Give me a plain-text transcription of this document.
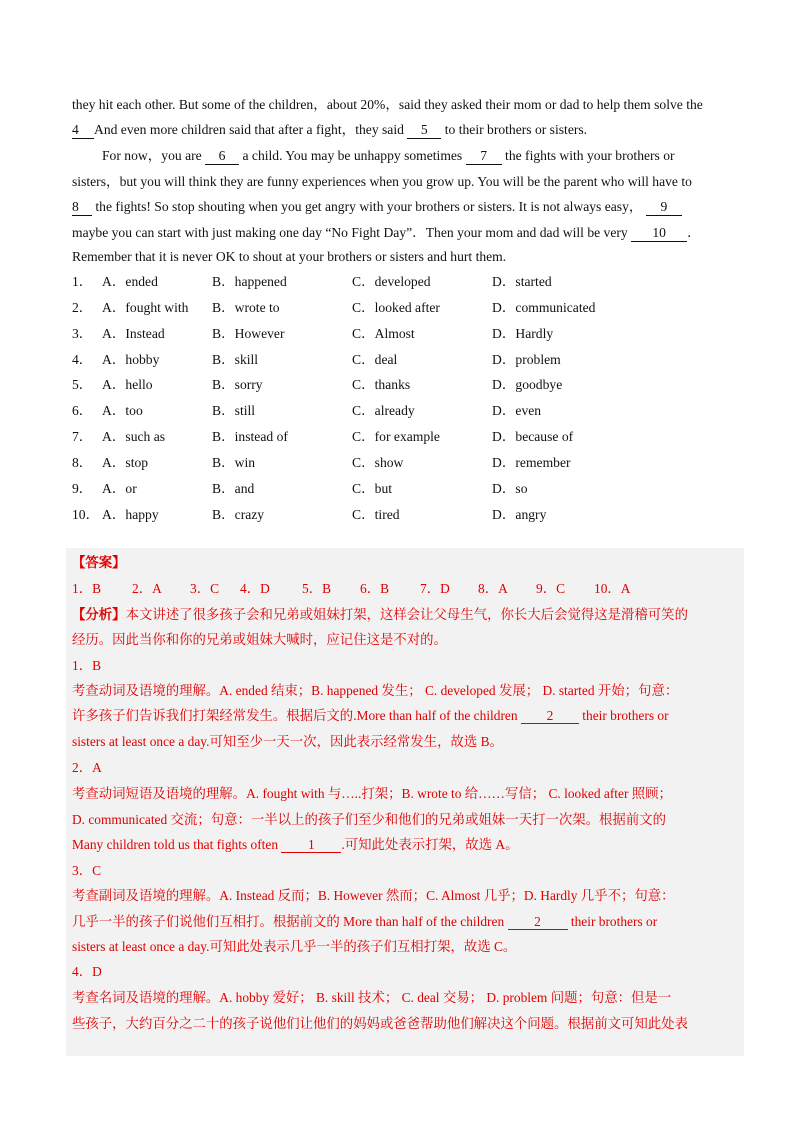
they hit each other. But some of the children，about 20%，said they asked their mom or dad to help them solve the
4 And even more children said that after a fight，they said 5 to their brothers or sisters.
For now，you are 6 a child. You may be unhappy sometimes 7 the fights with your brothers or
sisters，but you will think they are funny experiences when you grow up. You will be the parent who will have to
8 the fights! So stop shouting when you get angry with your brothers or sisters. It is not always easy， 9
maybe you can start with just making one day “No Fight Day”．Then your mom and dad will be very 10 ．
Remember that it is never OK to shout at your brothers or sisters and hurt them.
1． A．ended	B．happened	C．developed	D．started
2． A．fought with B．wrote to	C．looked after	D．communicated
3． A．Instead	B．However	C．Almost	D．Hardly
4． A．hobby	B．skill	C．deal	D．problem
5． A．hello	B．sorry	C．thanks	D．goodbye
6． A．too	B．still	C．already	D．even
7． A．such as	B．instead of	C．for example	D．because of
8． A．stop	B．win	C．show	D．remember
9． A．or	B．and	C．but	D．so
10． A．happy	B．crazy	C．tired	D．angry
【答案】
1．B 2．A 3．C 4．D 5．B 6．B 7．D 8．A 9．C 10．A
【分析】本文讲述了很多孩子会和兄弟或姐妹打架，这样会让父母生气，你长大后会觉得这是滑稽可笑的
经历。因此当你和你的兄弟或姐妹大喊时，应记住这是不对的。
1．B
考查动词及语境的理解。A. ended 结束；B. happened 发生； C. developed 发展； D. started 开始；句意：
许多孩子们告诉我们打架经常发生。根据后文的.More than half of the children 2 their brothers or
sisters at least once a day.可知至少一天一次，因此表示经常发生，故选 B。
2．A
考查动词短语及语境的理解。A. fought with 与…..打架；B. wrote to 给……写信； C. looked after 照顾；
D. communicated 交流；句意：一半以上的孩子们至少和他们的兄弟或姐妹一天打一次架。根据前文的
Many children told us that fights often 1 .可知此处表示打架，故选 A。
3．C
考查副词及语境的理解。A. Instead 反而；B. However 然而；C. Almost 几乎；D. Hardly 几乎不；句意：
几乎一半的孩子们说他们互相打。根据前文的 More than half of the children 2 their brothers or
sisters at least once a day.可知此处表示几乎一半的孩子们互相打架，故选 C。
4．D
考查名词及语境的理解。A. hobby 爱好； B. skill 技术； C. deal 交易； D. problem 问题；句意：但是一
些孩子，大约百分之二十的孩子说他们让他们的妈妈或爸爸帮助他们解决这个问题。根据前文可知此处表
